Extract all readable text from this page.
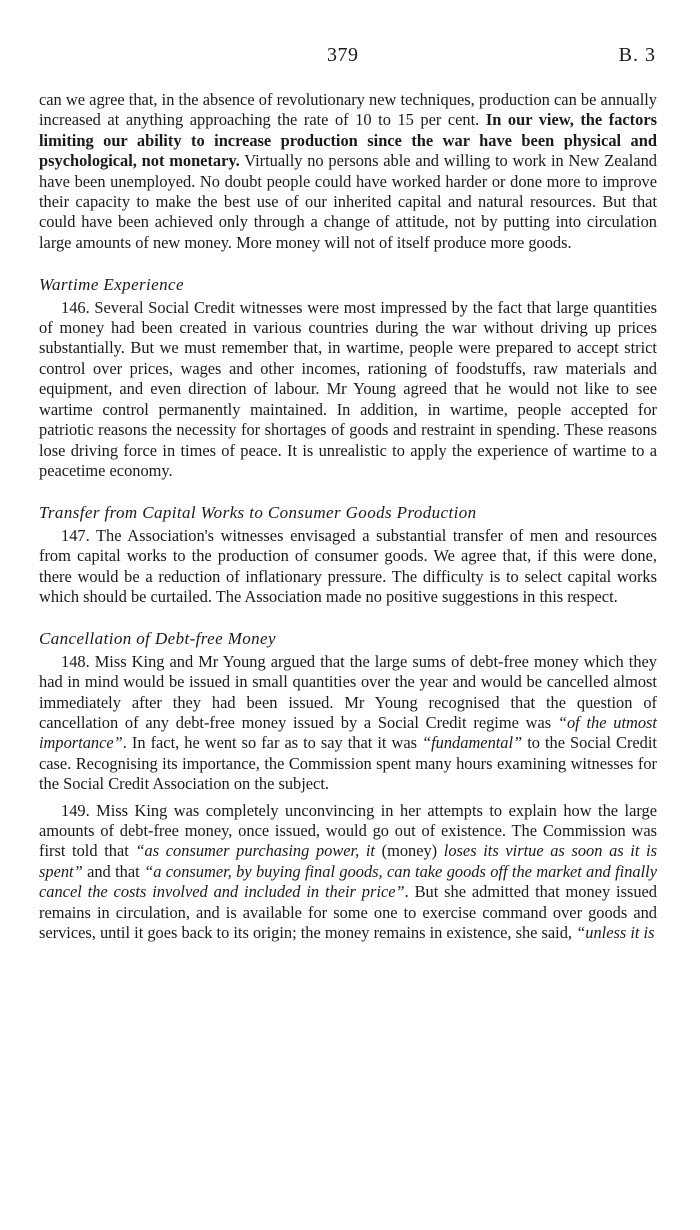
379	B. 3

can we agree that, in the absence of revolutionary new techniques, production can be annually increased at anything approaching the rate of 10 to 15 per cent. In our view, the factors limiting our ability to increase production since the war have been physical and psychological, not monetary. Virtually no persons able and willing to work in New Zealand have been unemployed. No doubt people could have worked harder or done more to improve their capacity to make the best use of our inherited capital and natural resources. But that could have been achieved only through a change of attitude, not by putting into circulation large amounts of new money. More money will not of itself produce more goods.

Wartime Experience

146. Several Social Credit witnesses were most impressed by the fact that large quantities of money had been created in various countries during the war without driving up prices substantially. But we must remember that, in wartime, people were prepared to accept strict control over prices, wages and other incomes, rationing of foodstuffs, raw materials and equipment, and even direction of labour. Mr Young agreed that he would not like to see wartime control permanently maintained. In addition, in wartime, people accepted for patriotic reasons the necessity for shortages of goods and restraint in spending. These reasons lose driving force in times of peace. It is unrealistic to apply the experience of wartime to a peacetime economy.

Transfer from Capital Works to Consumer Goods Production

147. The Association's witnesses envisaged a substantial transfer of men and resources from capital works to the production of consumer goods. We agree that, if this were done, there would be a reduction of inflationary pressure. The difficulty is to select capital works which should be curtailed. The Association made no positive suggestions in this respect.

Cancellation of Debt-free Money

148. Miss King and Mr Young argued that the large sums of debt-free money which they had in mind would be issued in small quantities over the year and would be cancelled almost immediately after they had been issued. Mr Young recognised that the question of cancellation of any debt-free money issued by a Social Credit regime was “of the utmost importance”. In fact, he went so far as to say that it was “fundamental” to the Social Credit case. Recognising its importance, the Commission spent many hours examining witnesses for the Social Credit Association on the subject.

149. Miss King was completely unconvincing in her attempts to explain how the large amounts of debt-free money, once issued, would go out of existence. The Commission was first told that “as consumer purchasing power, it (money) loses its virtue as soon as it is spent” and that “a consumer, by buying final goods, can take goods off the market and finally cancel the costs involved and included in their price”. But she admitted that money issued remains in circulation, and is available for some one to exercise command over goods and services, until it goes back to its origin; the money remains in existence, she said, “unless it is
